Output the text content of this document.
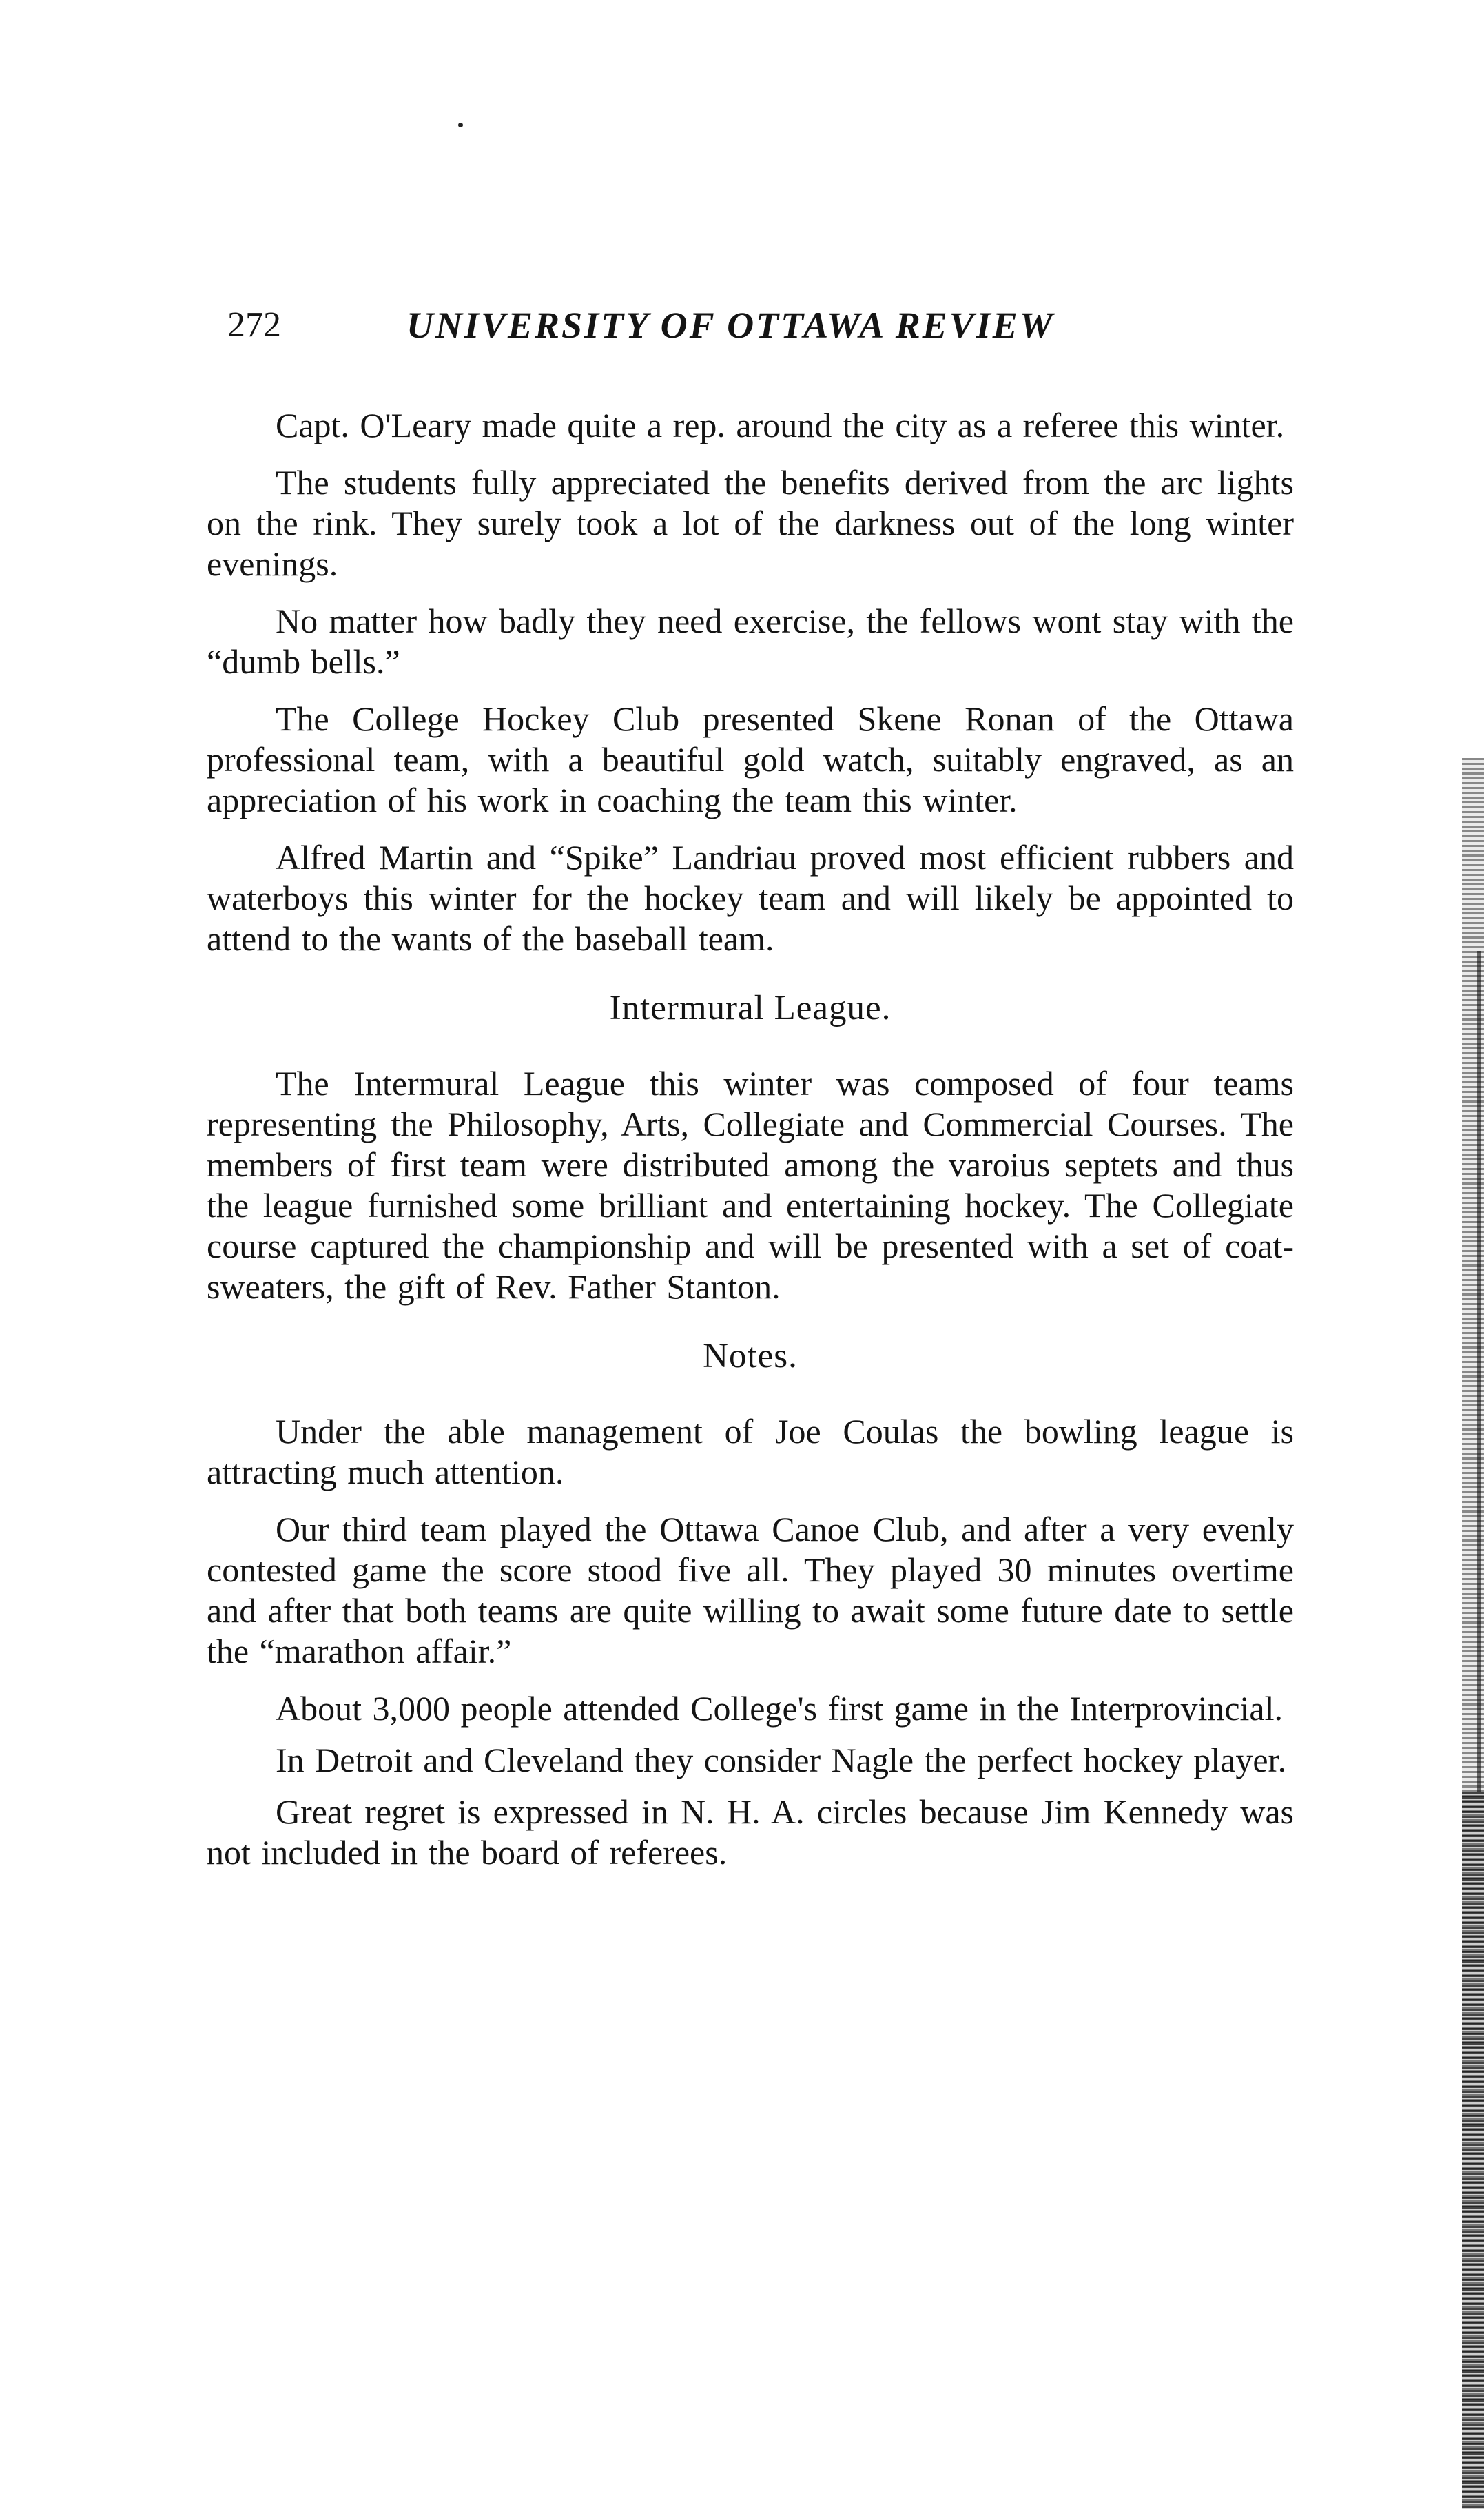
272	UNIVERSITY OF OTTAWA REVIEW

Capt. O'Leary made quite a rep. around the city as a referee this winter.

The students fully appreciated the benefits derived from the arc lights on the rink. They surely took a lot of the darkness out of the long winter evenings.

No matter how badly they need exercise, the fellows wont stay with the “dumb bells.”

The College Hockey Club presented Skene Ronan of the Ottawa professional team, with a beautiful gold watch, suitably engraved, as an appreciation of his work in coaching the team this winter.

Alfred Martin and “Spike” Landriau proved most efficient rubbers and waterboys this winter for the hockey team and will likely be appointed to attend to the wants of the baseball team.

Intermural League.

The Intermural League this winter was composed of four teams representing the Philosophy, Arts, Collegiate and Commercial Courses. The members of first team were distributed among the varoius septets and thus the league furnished some brilliant and entertaining hockey. The Collegiate course captured the championship and will be presented with a set of coat-sweaters, the gift of Rev. Father Stanton.

Notes.

Under the able management of Joe Coulas the bowling league is attracting much attention.

Our third team played the Ottawa Canoe Club, and after a very evenly contested game the score stood five all. They played 30 minutes overtime and after that both teams are quite willing to await some future date to settle the “marathon affair.”

About 3,000 people attended College's first game in the Interprovincial.

In Detroit and Cleveland they consider Nagle the perfect hockey player.

Great regret is expressed in N. H. A. circles because Jim Kennedy was not included in the board of referees.
